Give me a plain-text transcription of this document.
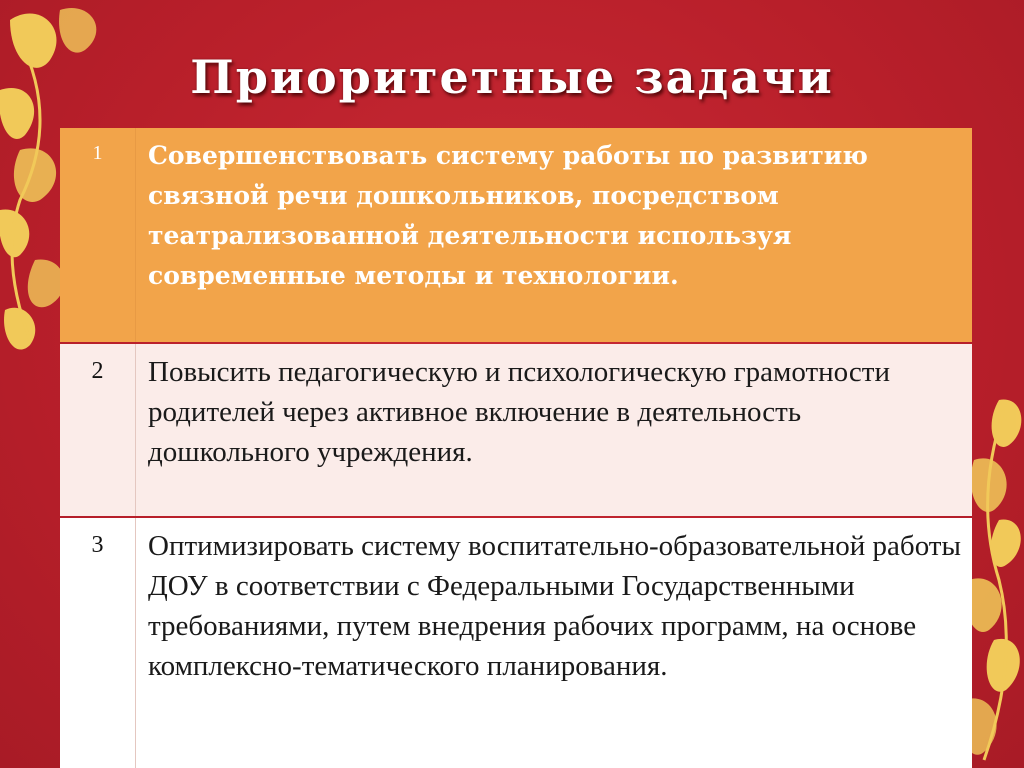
Приоритетные задачи
1	Совершенствовать систему работы по развитию связной речи дошкольников, посредством театрализованной деятельности используя современные методы и технологии.
2	Повысить педагогическую и психологическую грамотности родителей через активное включение в деятельность дошкольного учреждения.
3	Оптимизировать систему воспитательно-образовательной работы ДОУ в соответствии с Федеральными Государственными требованиями, путем внедрения рабочих программ, на основе комплексно-тематического планирования.
